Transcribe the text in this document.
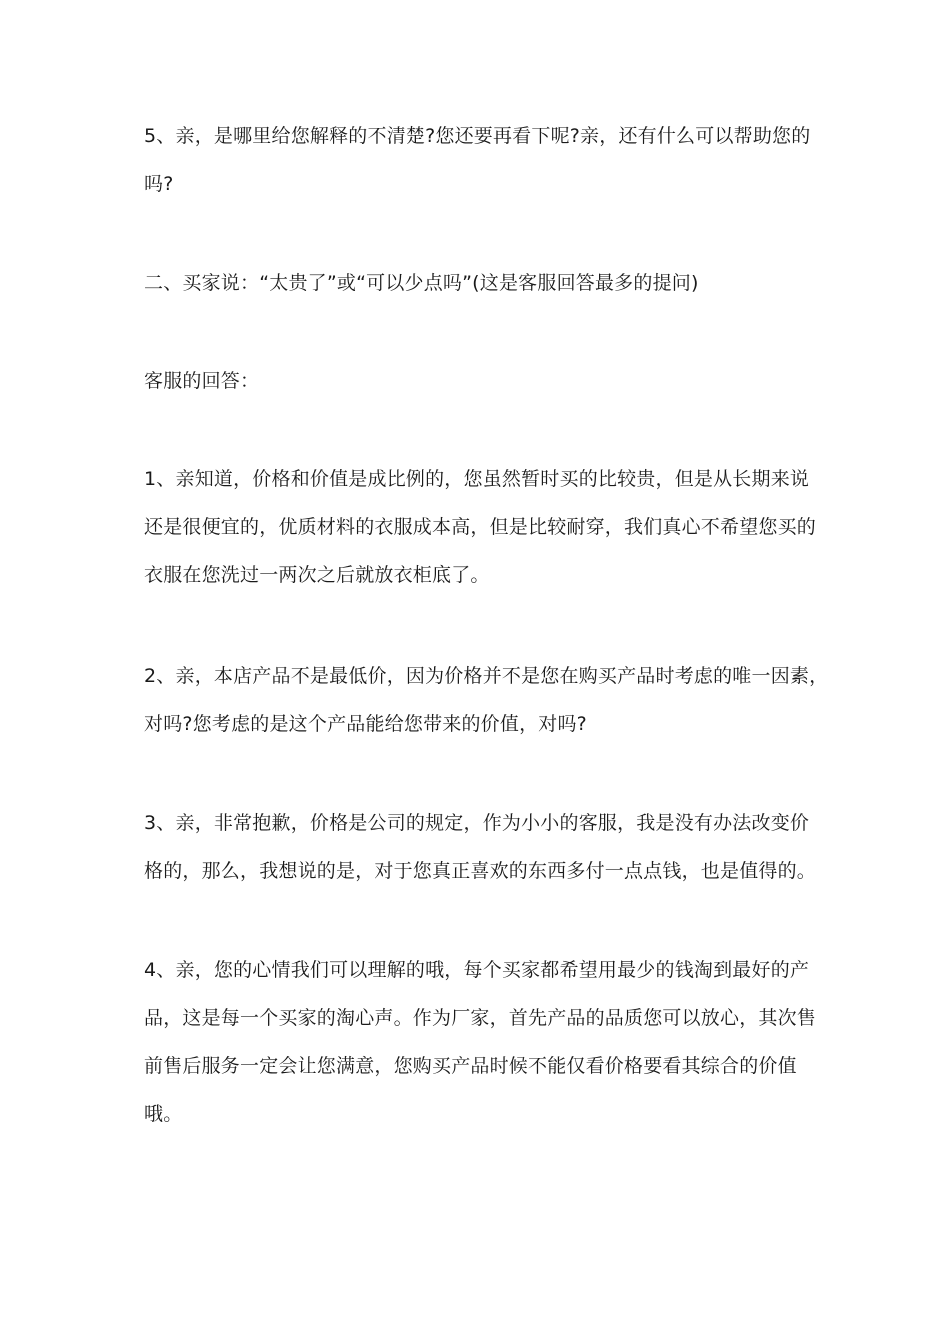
5、亲，是哪里给您解释的不清楚?您还要再看下呢?亲，还有什么可以帮助您的
吗?

二、买家说：“太贵了”或“可以少点吗”(这是客服回答最多的提问)

客服的回答：

1、亲知道，价格和价值是成比例的，您虽然暂时买的比较贵，但是从长期来说
还是很便宜的，优质材料的衣服成本高，但是比较耐穿，我们真心不希望您买的
衣服在您洗过一两次之后就放衣柜底了。

2、亲，本店产品不是最低价，因为价格并不是您在购买产品时考虑的唯一因素，
对吗?您考虑的是这个产品能给您带来的价值，对吗?

3、亲，非常抱歉，价格是公司的规定，作为小小的客服，我是没有办法改变价
格的，那么，我想说的是，对于您真正喜欢的东西多付一点点钱，也是值得的。

4、亲，您的心情我们可以理解的哦，每个买家都希望用最少的钱淘到最好的产
品，这是每一个买家的淘心声。作为厂家，首先产品的品质您可以放心，其次售
前售后服务一定会让您满意，您购买产品时候不能仅看价格要看其综合的价值
哦。
